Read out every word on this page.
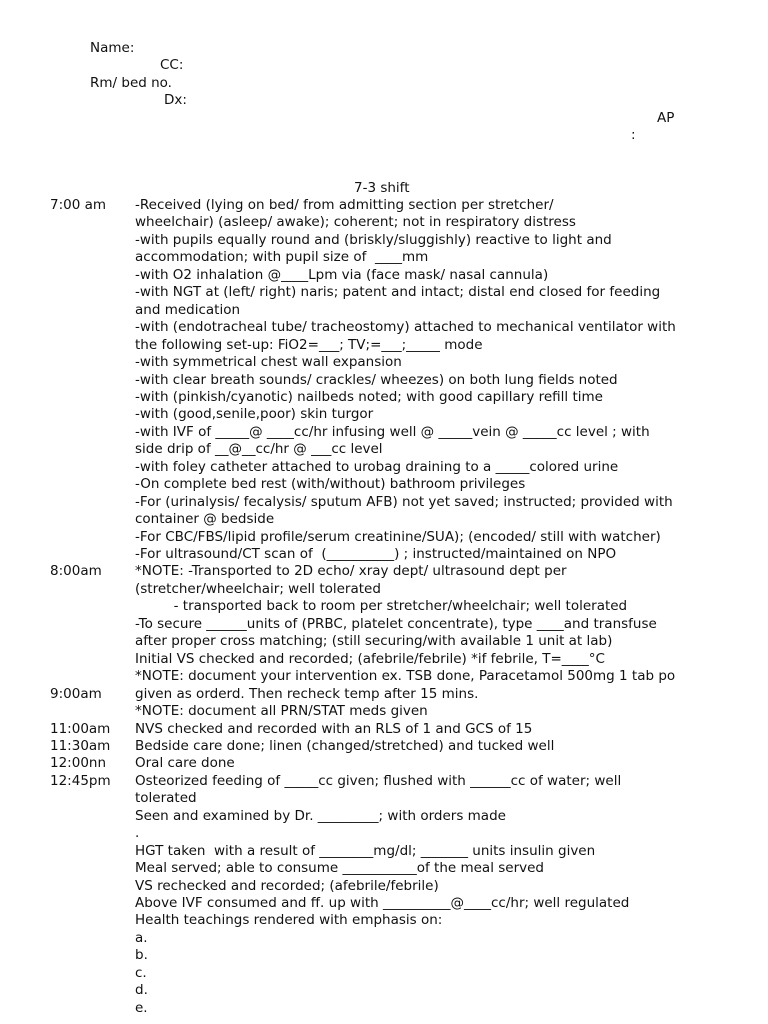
Name:
CC:
Rm/ bed no.
Dx:
AP
:
7-3 shift
7:00 am
8:00am
9:00am
11:00am
11:30am
12:00nn
12:45pm
-Received (lying on bed/ from admitting section per stretcher/
wheelchair) (asleep/ awake); coherent; not in respiratory distress
-with pupils equally round and (briskly/sluggishly) reactive to light and
accommodation; with pupil size of  ____mm
-with O2 inhalation @____Lpm via (face mask/ nasal cannula)
-with NGT at (left/ right) naris; patent and intact; distal end closed for feeding
and medication
-with (endotracheal tube/ tracheostomy) attached to mechanical ventilator with
the following set-up: FiO2=___; TV;=___;_____ mode
-with symmetrical chest wall expansion
-with clear breath sounds/ crackles/ wheezes) on both lung fields noted
-with (pinkish/cyanotic) nailbeds noted; with good capillary refill time
-with (good,senile,poor) skin turgor
-with IVF of _____@ ____cc/hr infusing well @ _____vein @ _____cc level ; with
side drip of __@__cc/hr @ ___cc level
-with foley catheter attached to urobag draining to a _____colored urine
-On complete bed rest (with/without) bathroom privileges
-For (urinalysis/ fecalysis/ sputum AFB) not yet saved; instructed; provided with
container @ bedside
-For CBC/FBS/lipid profile/serum creatinine/SUA); (encoded/ still with watcher)
-For ultrasound/CT scan of  (__________) ; instructed/maintained on NPO
*NOTE: -Transported to 2D echo/ xray dept/ ultrasound dept per
(stretcher/wheelchair; well tolerated
- transported back to room per stretcher/wheelchair; well tolerated
-To secure ______units of (PRBC, platelet concentrate), type ____and transfuse
after proper cross matching; (still securing/with available 1 unit at lab)
Initial VS checked and recorded; (afebrile/febrile) *if febrile, T=____°C
*NOTE: document your intervention ex. TSB done, Paracetamol 500mg 1 tab po
given as orderd. Then recheck temp after 15 mins.
*NOTE: document all PRN/STAT meds given
NVS checked and recorded with an RLS of 1 and GCS of 15
Bedside care done; linen (changed/stretched) and tucked well
Oral care done
Osteorized feeding of _____cc given; flushed with ______cc of water; well
tolerated
Seen and examined by Dr. _________; with orders made
.
HGT taken  with a result of ________mg/dl; _______ units insulin given
Meal served; able to consume ___________of the meal served
VS rechecked and recorded; (afebrile/febrile)
Above IVF consumed and ff. up with __________@____cc/hr; well regulated
Health teachings rendered with emphasis on:
a.
b.
c.
d.
e.
